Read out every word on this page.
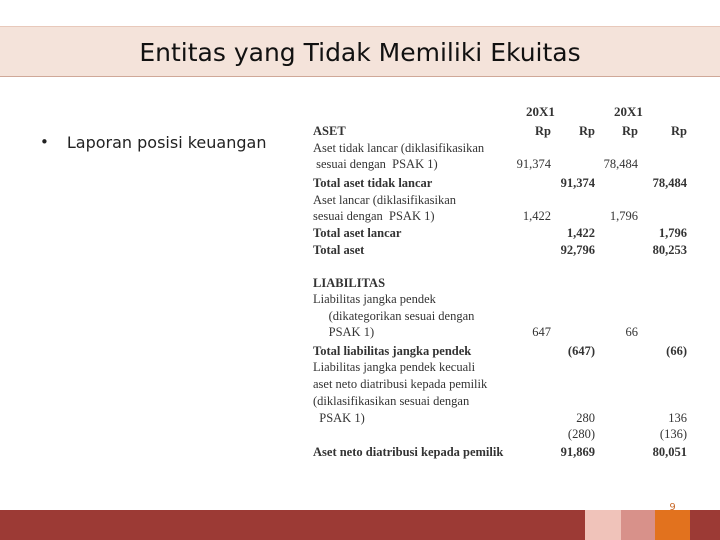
Entitas yang Tidak Memiliki Ekuitas
• Laporan posisi keuangan
20X1	20X1
Rp	Rp	Rp	Rp
ASET
Aset tidak lancar (diklasifikasikan
sesuai dengan  PSAK 1)	91,374	78,484
Total aset tidak lancar	91,374	78,484
Aset lancar (diklasifikasikan
sesuai dengan  PSAK 1)	1,422	1,796
Total aset lancar	1,422	1,796
Total aset	92,796	80,253
LIABILITAS
Liabilitas jangka pendek
(dikategorikan sesuai dengan
PSAK 1)	647	66
Total liabilitas jangka pendek	(647)	(66)
Liabilitas jangka pendek kecuali
aset neto diatribusi kepada pemilik
(diklasifikasikan sesuai dengan
PSAK 1)	280	136
(280)	(136)
Aset neto diatribusi kepada pemilik	91,869	80,051
9
